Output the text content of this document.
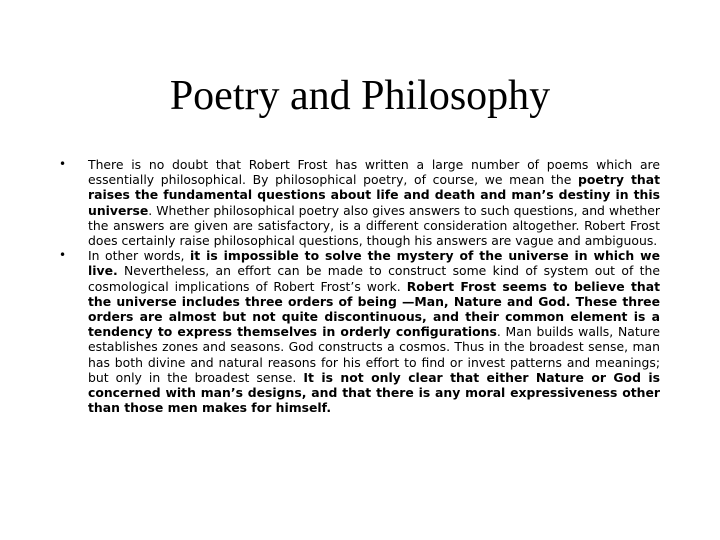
Poetry and Philosophy
• There is no doubt that Robert Frost has written a large number of poems which are essentially philosophical. By philosophical poetry, of course, we mean the poetry that raises the fundamental questions about life and death and man’s destiny in this universe. Whether philosophical poetry also gives answers to such questions, and whether the answers are given are satisfactory, is a different consideration altogether. Robert Frost does certainly raise philosophical questions, though his answers are vague and ambiguous.
• In other words, it is impossible to solve the mystery of the universe in which we live. Nevertheless, an effort can be made to construct some kind of system out of the cosmological implications of Robert Frost’s work. Robert Frost seems to believe that the universe includes three orders of being —Man, Nature and God. These three orders are almost but not quite discontinuous, and their common element is a tendency to express themselves in orderly configurations. Man builds walls, Nature establishes zones and seasons. God constructs a cosmos. Thus in the broadest sense, man has both divine and natural reasons for his effort to find or invest patterns and meanings; but only in the broadest sense. It is not only clear that either Nature or God is concerned with man’s designs, and that there is any moral expressiveness other than those men makes for himself.
